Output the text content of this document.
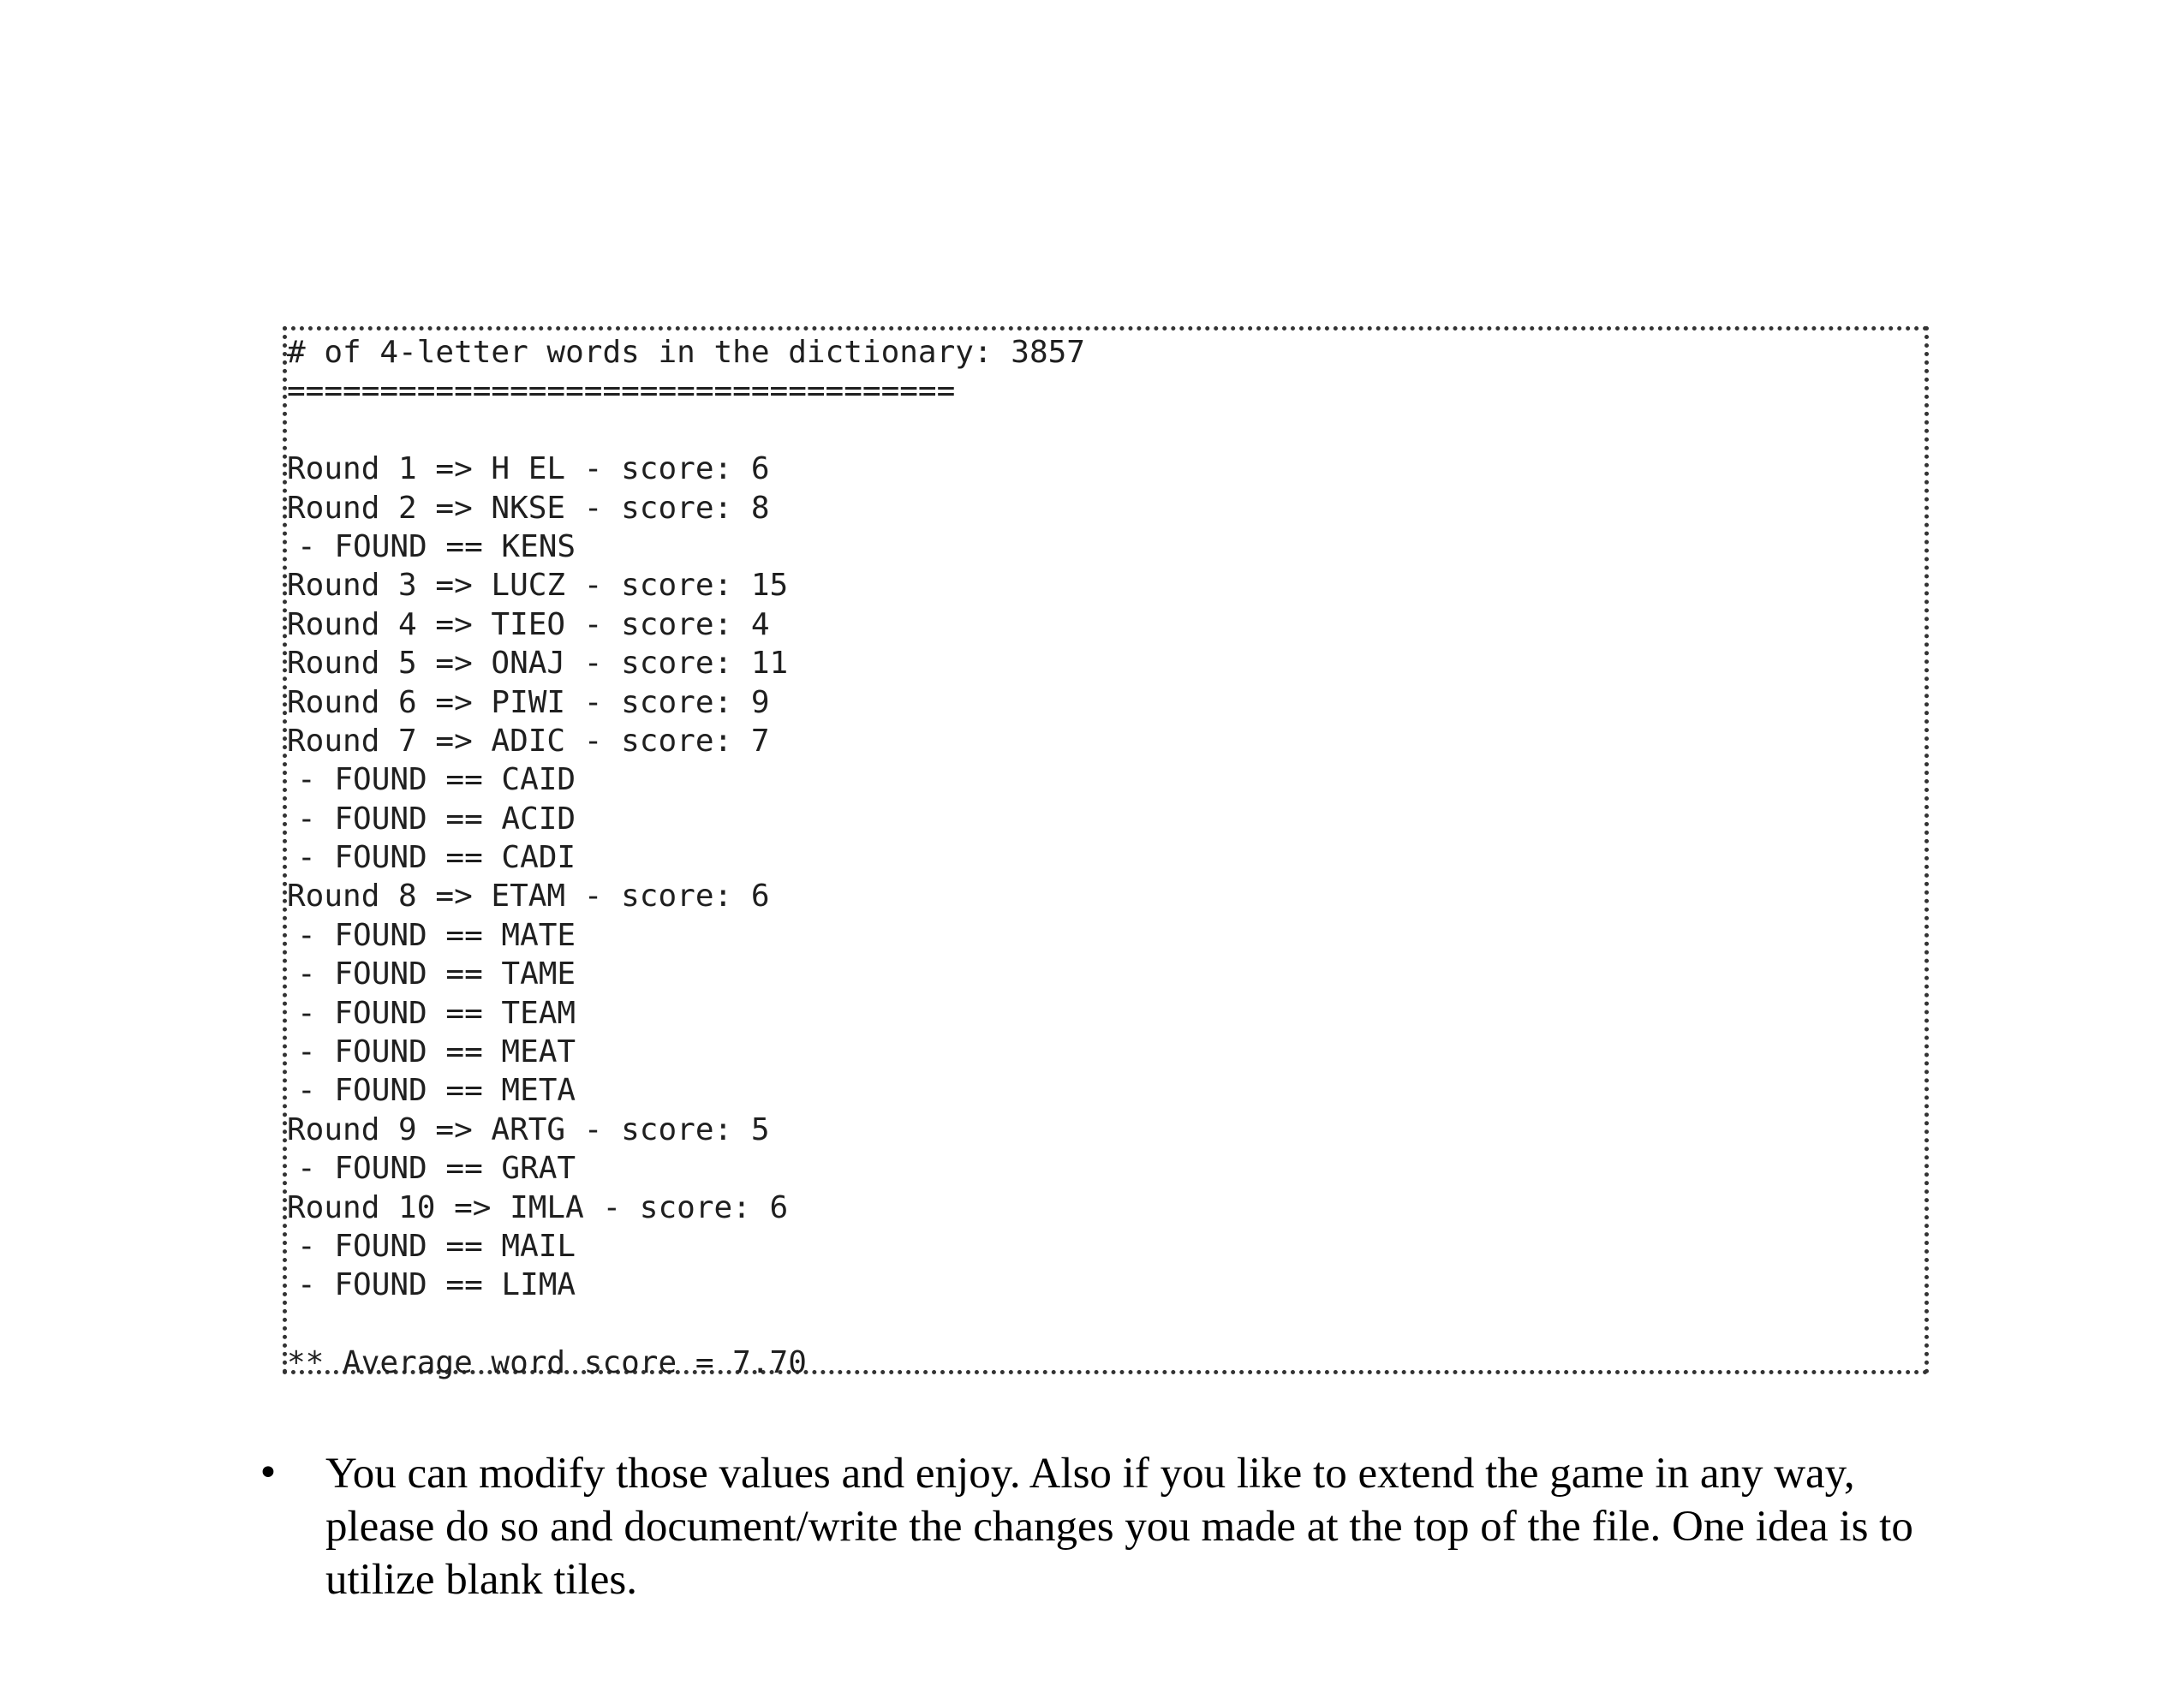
# of 4-letter words in the dictionary: 3857
====================================
Round 1 => H EL - score: 6
Round 2 => NKSE - score: 8
- FOUND == KENS
Round 3 => LUCZ - score: 15
Round 4 => TIEO - score: 4
Round 5 => ONAJ - score: 11
Round 6 => PIWI - score: 9
Round 7 => ADIC - score: 7
- FOUND == CAID
- FOUND == ACID
- FOUND == CADI
Round 8 => ETAM - score: 6
- FOUND == MATE
- FOUND == TAME
- FOUND == TEAM
- FOUND == MEAT
- FOUND == META
Round 9 => ARTG - score: 5
- FOUND == GRAT
Round 10 => IMLA - score: 6
- FOUND == MAIL
- FOUND == LIMA
** Average word score = 7.70
• You can modify those values and enjoy. Also if you like to extend the game in any way, please do so and document/write the changes you made at the top of the file. One idea is to utilize blank tiles.
